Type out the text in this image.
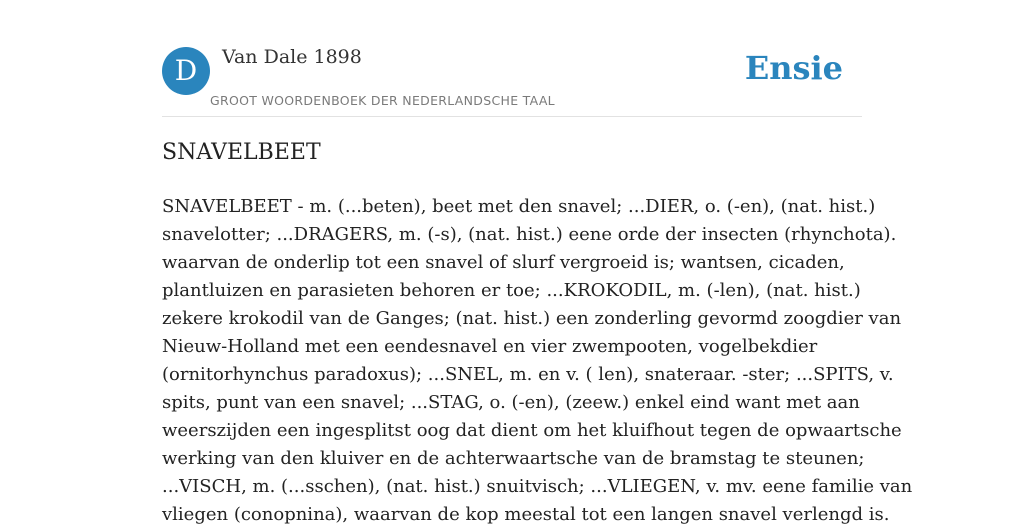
D	Van Dale 1898
GROOT WOORDENBOEK DER NEDERLANDSCHE TAAL
Ensie
SNAVELBEET

SNAVELBEET - m. (...beten), beet met den snavel; ...DIER, o. (-en), (nat. hist.)
snavelotter; ...DRAGERS, m. (-s), (nat. hist.) eene orde der insecten (rhynchota).
waarvan de onderlip tot een snavel of slurf vergroeid is; wantsen, cicaden,
plantluizen en parasieten behoren er toe; ...KROKODIL, m. (-len), (nat. hist.)
zekere krokodil van de Ganges; (nat. hist.) een zonderling gevormd zoogdier van
Nieuw-Holland met een eendesnavel en vier zwempooten, vogelbekdier
(ornitorhynchus paradoxus); ...SNEL, m. en v. ( len), snateraar. -ster; ...SPITS, v.
spits, punt van een snavel; ...STAG, o. (-en), (zeew.) enkel eind want met aan
weerszijden een ingesplitst oog dat dient om het kluifhout tegen de opwaartsche
werking van den kluiver en de achterwaartsche van de bramstag te steunen;
...VISCH, m. (...sschen), (nat. hist.) snuitvisch; ...VLIEGEN, v. mv. eene familie van
vliegen (conopnina), waarvan de kop meestal tot een langen snavel verlengd is.
